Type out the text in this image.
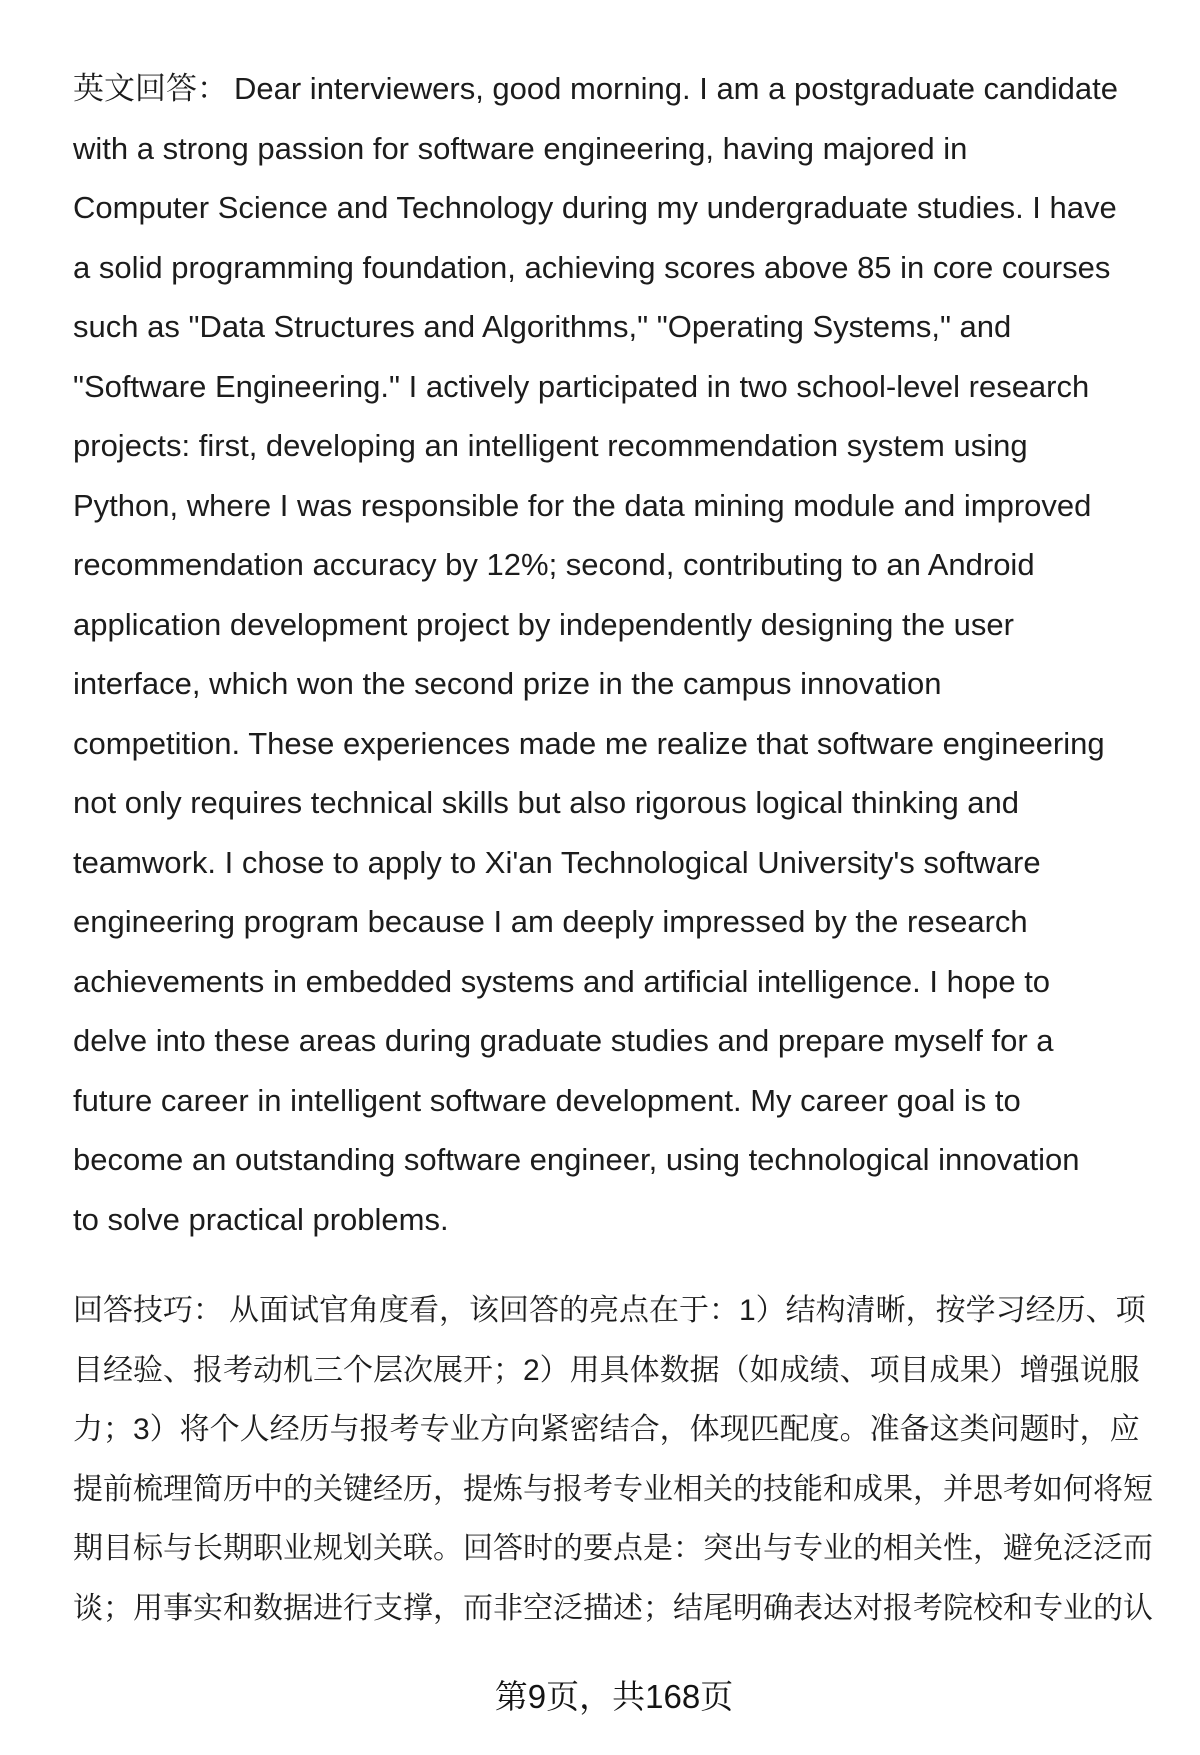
英文回答： Dear interviewers, good morning. I am a postgraduate candidate
with a strong passion for software engineering, having majored in
Computer Science and Technology during my undergraduate studies. I have
a solid programming foundation, achieving scores above 85 in core courses
such as "Data Structures and Algorithms," "Operating Systems," and
"Software Engineering." I actively participated in two school-level research
projects: first, developing an intelligent recommendation system using
Python, where I was responsible for the data mining module and improved
recommendation accuracy by 12%; second, contributing to an Android
application development project by independently designing the user
interface, which won the second prize in the campus innovation
competition. These experiences made me realize that software engineering
not only requires technical skills but also rigorous logical thinking and
teamwork. I chose to apply to Xi'an Technological University's software
engineering program because I am deeply impressed by the research
achievements in embedded systems and artificial intelligence. I hope to
delve into these areas during graduate studies and prepare myself for a
future career in intelligent software development. My career goal is to
become an outstanding software engineer, using technological innovation
to solve practical problems.
回答技巧： 从面试官角度看，该回答的亮点在于：1）结构清晰，按学习经历、项
目经验、报考动机三个层次展开；2）用具体数据（如成绩、项目成果）增强说服
力；3）将个人经历与报考专业方向紧密结合，体现匹配度。准备这类问题时，应
提前梳理简历中的关键经历，提炼与报考专业相关的技能和成果，并思考如何将短
期目标与长期职业规划关联。回答时的要点是：突出与专业的相关性，避免泛泛而
谈；用事实和数据进行支撑，而非空泛描述；结尾明确表达对报考院校和专业的认
第9页，共168页
